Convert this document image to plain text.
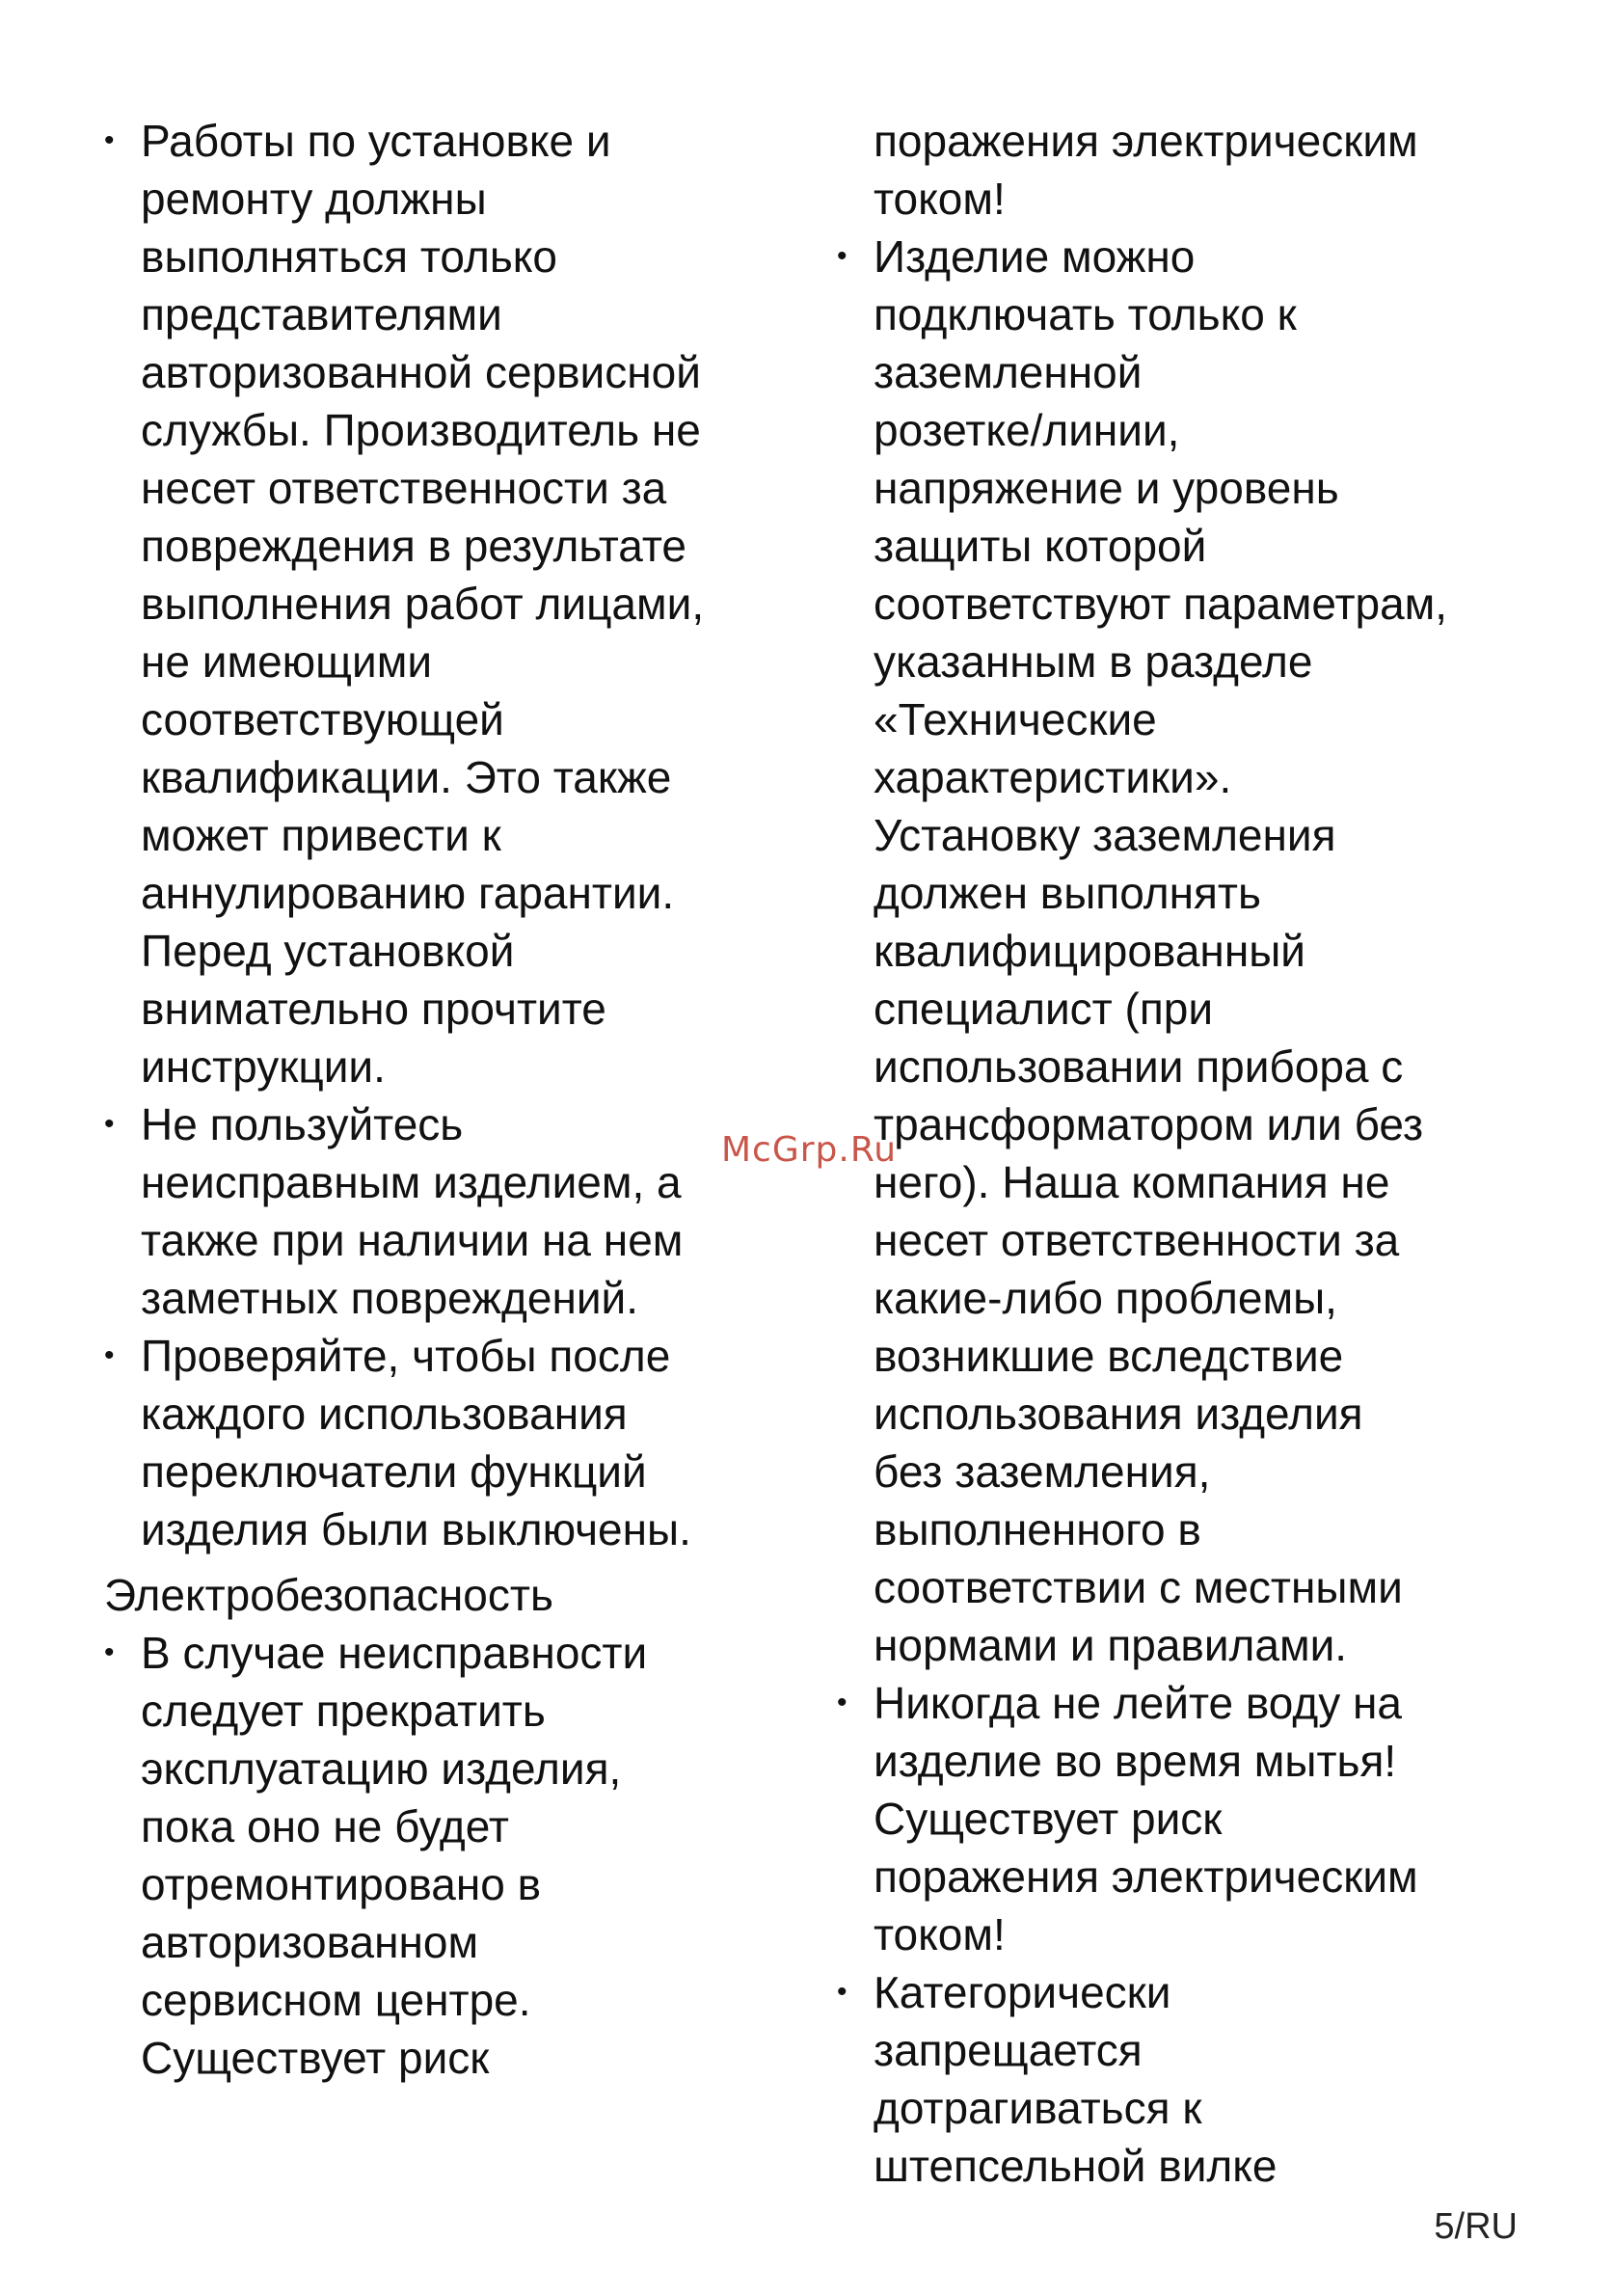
• Работы по установке и
ремонту должны
выполняться только
представителями
авторизованной сервисной
службы. Производитель не
несет ответственности за
повреждения в результате
выполнения работ лицами,
не имеющими
соответствующей
квалификации. Это также
может привести к
аннулированию гарантии.
Перед установкой
внимательно прочтите
инструкции.
• Не пользуйтесь
неисправным изделием, а
также при наличии на нем
заметных повреждений.
• Проверяйте, чтобы после
каждого использования
переключатели функций
изделия были выключены.
Электробезопасность
• В случае неисправности
следует прекратить
эксплуатацию изделия,
пока оно не будет
отремонтировано в
авторизованном
сервисном центре.
Существует риск
поражения электрическим
током!
• Изделие можно
подключать только к
заземленной
розетке/линии,
напряжение и уровень
защиты которой
соответствуют параметрам,
указанным в разделе
«Технические
характеристики».
Установку заземления
должен выполнять
квалифицированный
специалист (при
использовании прибора с
трансформатором или без
него). Наша компания не
несет ответственности за
какие-либо проблемы,
возникшие вследствие
использования изделия
без заземления,
выполненного в
соответствии с местными
нормами и правилами.
• Никогда не лейте воду на
изделие во время мытья!
Существует риск
поражения электрическим
током!
• Категорически
запрещается
дотрагиваться к
штепсельной вилке
McGrp.Ru
5/RU
